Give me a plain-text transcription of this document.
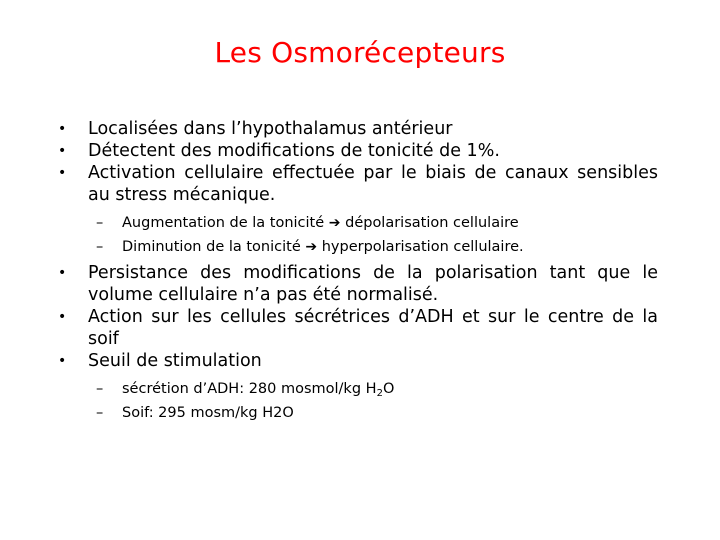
Les Osmorécepteurs

•	Localisées dans l’hypothalamus antérieur

•	Détectent des modifications de tonicité de 1%.

•	Activation cellulaire effectuée par le biais de canaux sensibles au stress mécanique.

– Augmentation de la tonicité ➔ dépolarisation cellulaire

– Diminution de la tonicité ➔ hyperpolarisation cellulaire.

•	Persistance des modifications de la polarisation tant que le volume cellulaire n’a pas été normalisé.

•	Action sur les cellules sécrétrices d’ADH et sur le centre de la soif

•	Seuil de stimulation

– sécrétion d’ADH: 280 mosmol/kg $H_2O$

– Soif: 295 mosm/kg H2O
